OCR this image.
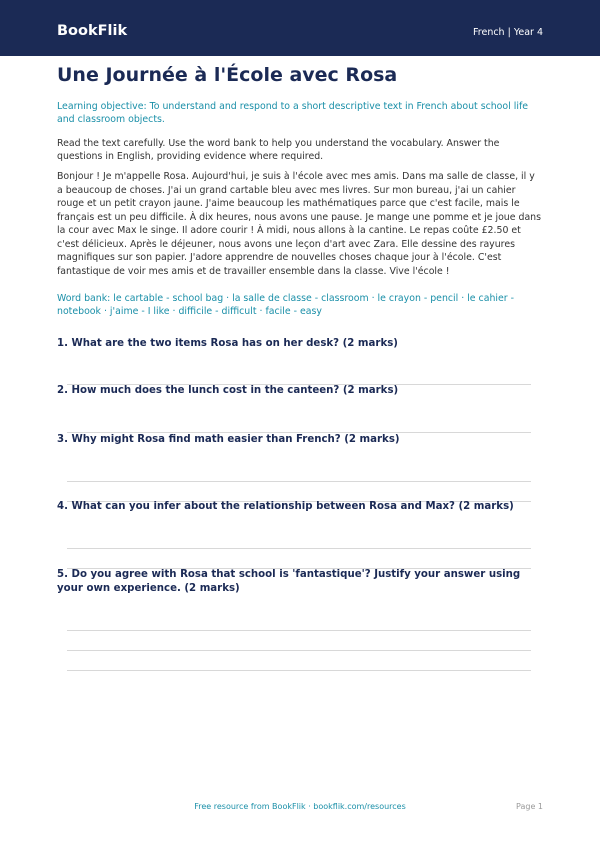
BookFlik	French | Year 4
Une Journée à l'École avec Rosa
Learning objective: To understand and respond to a short descriptive text in French about school life and classroom objects.
Read the text carefully. Use the word bank to help you understand the vocabulary. Answer the questions in English, providing evidence where required.
Bonjour ! Je m'appelle Rosa. Aujourd'hui, je suis à l'école avec mes amis. Dans ma salle de classe, il y a beaucoup de choses. J'ai un grand cartable bleu avec mes livres. Sur mon bureau, j'ai un cahier rouge et un petit crayon jaune. J'aime beaucoup les mathématiques parce que c'est facile, mais le français est un peu difficile. À dix heures, nous avons une pause. Je mange une pomme et je joue dans la cour avec Max le singe. Il adore courir ! À midi, nous allons à la cantine. Le repas coûte £2.50 et c'est délicieux. Après le déjeuner, nous avons une leçon d'art avec Zara. Elle dessine des rayures magnifiques sur son papier. J'adore apprendre de nouvelles choses chaque jour à l'école. C'est fantastique de voir mes amis et de travailler ensemble dans la classe. Vive l'école !
Word bank: le cartable - school bag · la salle de classe - classroom · le crayon - pencil · le cahier - notebook · j'aime - I like · difficile - difficult · facile - easy
1. What are the two items Rosa has on her desk? (2 marks)
2. How much does the lunch cost in the canteen? (2 marks)
3. Why might Rosa find math easier than French? (2 marks)
4. What can you infer about the relationship between Rosa and Max? (2 marks)
5. Do you agree with Rosa that school is 'fantastique'? Justify your answer using your own experience. (2 marks)
Free resource from BookFlik · bookflik.com/resources	Page 1
